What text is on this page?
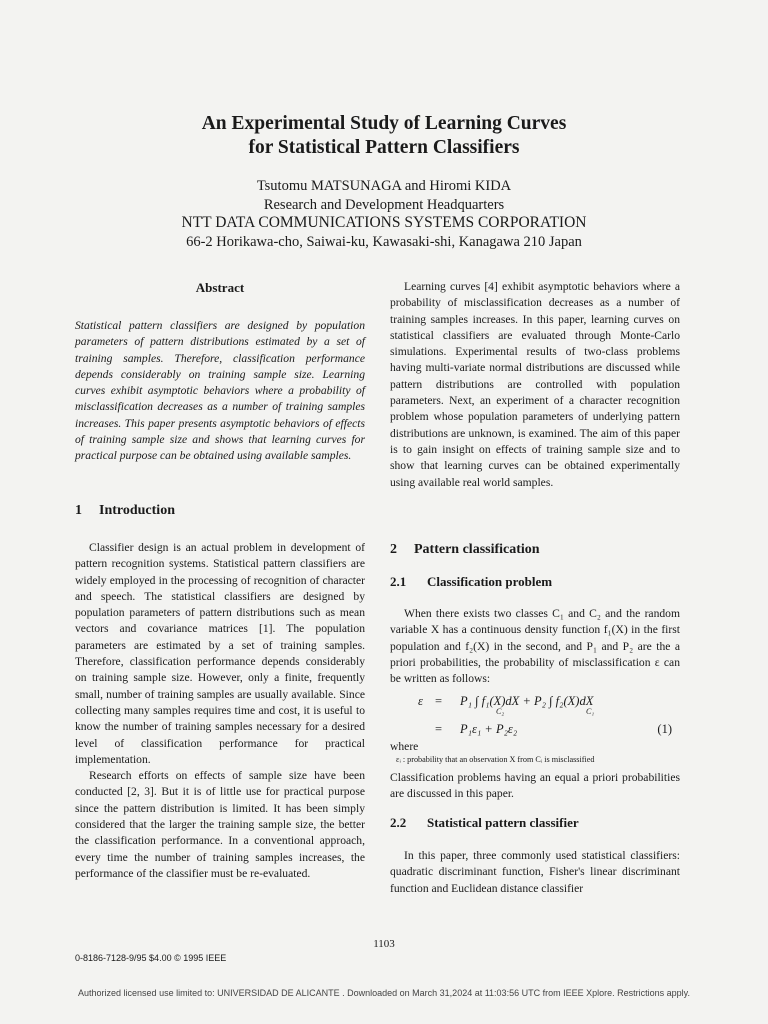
An Experimental Study of Learning Curves
for Statistical Pattern Classifiers
Tsutomu MATSUNAGA and Hiromi KIDA
Research and Development Headquarters
NTT DATA COMMUNICATIONS SYSTEMS CORPORATION
66-2 Horikawa-cho, Saiwai-ku, Kawasaki-shi, Kanagawa 210 Japan
Abstract

Statistical pattern classifiers are designed by population parameters of pattern distributions estimated by a set of training samples. Therefore, classification performance depends considerably on training sample size. Learning curves exhibit asymptotic behaviors where a probability of misclassification decreases as a number of training samples increases. This paper presents asymptotic behaviors of effects of training sample size and shows that learning curves for practical purpose can be obtained using available samples.

1 Introduction

Classifier design is an actual problem in development of pattern recognition systems. Statistical pattern classifiers are widely employed in the processing of recognition of character and speech. The statistical classifiers are designed by population parameters of pattern distributions such as mean vectors and covariance matrices [1]. The population parameters are estimated by a set of training samples. Therefore, classification performance depends considerably on training sample size. However, only a finite, frequently small, number of training samples are usually available. Since collecting many samples requires time and cost, it is useful to know the number of training samples necessary for a desired level of classification performance for practical implementation.

Research efforts on effects of sample size have been conducted [2, 3]. But it is of little use for practical purpose since the pattern distribution is limited. It has been simply considered that the larger the training sample size, the better the classification performance. In a conventional approach, every time the number of training samples increases, the performance of the classifier must be re-evaluated.

Learning curves [4] exhibit asymptotic behaviors where a probability of misclassification decreases as a number of training samples increases. In this paper, learning curves on statistical classifiers are evaluated through Monte-Carlo simulations. Experimental results of two-class problems having multi-variate normal distributions are discussed while pattern distributions are controlled with population parameters. Next, an experiment of a character recognition problem whose population parameters of underlying pattern distributions are unknown, is examined. The aim of this paper is to gain insight on effects of training sample size and to show that learning curves can be obtained experimentally using available real world samples.

2 Pattern classification
2.1 Classification problem

When there exists two classes C₁ and C₂ and the random variable X has a continuous density function f₁(X) in the first population and f₂(X) in the second, and P₁ and P₂ are the a priori probabilities, the probability of misclassification ε can be written as follows:

ε = P₁ ∫ f₁(X)dX + P₂ ∫ f₂(X)dX
= P₁ε₁ + P₂ε₂	(1)
C₂	C₁
where
εᵢ : probability that an observation X from Cᵢ is misclassified

Classification problems having an equal a priori probabilities are discussed in this paper.

2.2 Statistical pattern classifier

In this paper, three commonly used statistical classifiers: quadratic discriminant function, Fisher's linear discriminant function and Euclidean distance classifier

1103
0-8186-7128-9/95 $4.00 © 1995 IEEE
Authorized licensed use limited to: UNIVERSIDAD DE ALICANTE . Downloaded on March 31,2024 at 11:03:56 UTC from IEEE Xplore. Restrictions apply.
